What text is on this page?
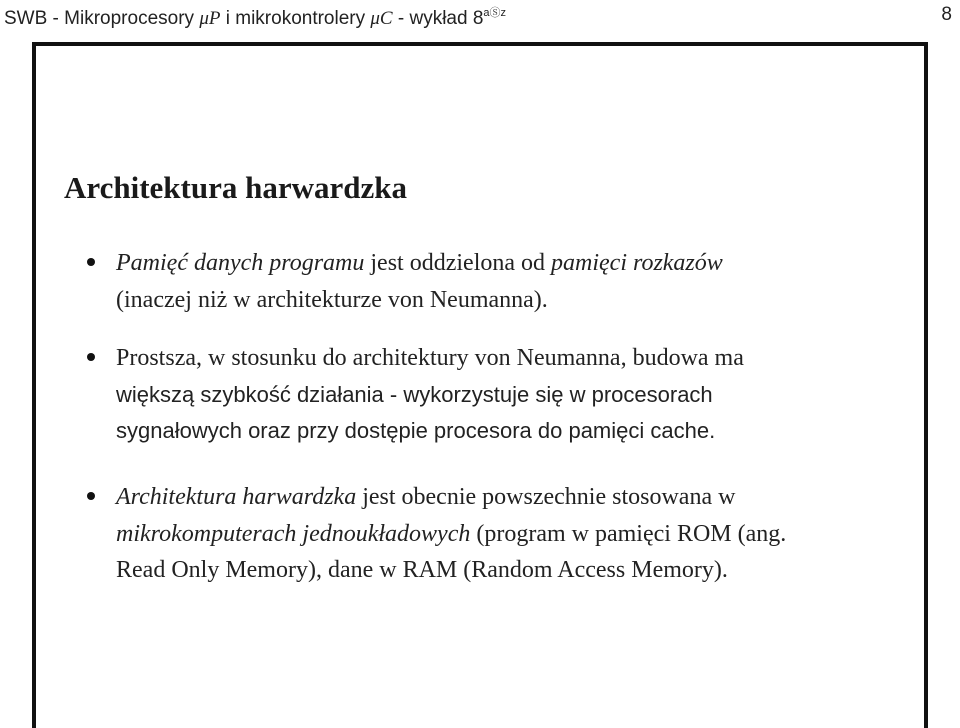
SWB - Mikroprocesory μP i mikrokontrolery μC - wykład $8^{aⓈz}$	8
Architektura harwardzka
Pamięć danych programu jest oddzielona od pamięci rozkazów
(inaczej niż w architekturze von Neumanna).
Prostsza, w stosunku do architektury von Neumanna, budowa ma
większą szybkość działania - wykorzystuje się w procesorach
sygnałowych oraz przy dostępie procesora do pamięci cache.
Architektura harwardzka jest obecnie powszechnie stosowana w
mikrokomputerach jednoukładowych (program w pamięci ROM (ang.
Read Only Memory), dane w RAM (Random Access Memory).
